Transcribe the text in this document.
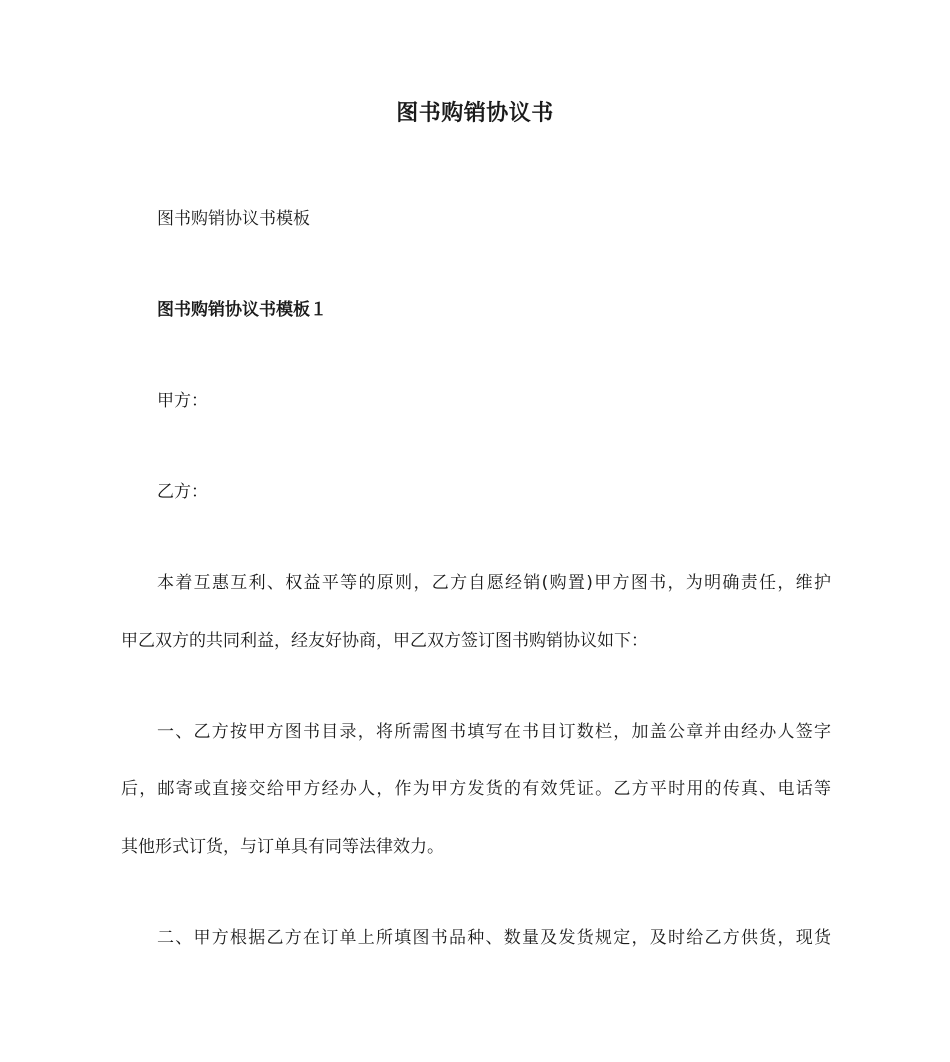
图书购销协议书
图书购销协议书模板
图书购销协议书模板１
甲方：
乙方：
本着互惠互利、权益平等的原则，乙方自愿经销(购置)甲方图书，为明确责任，维护
甲乙双方的共同利益，经友好协商，甲乙双方签订图书购销协议如下：
一、乙方按甲方图书目录，将所需图书填写在书目订数栏，加盖公章并由经办人签字
后，邮寄或直接交给甲方经办人，作为甲方发货的有效凭证。乙方平时用的传真、电话等
其他形式订货，与订单具有同等法律效力。
二、甲方根据乙方在订单上所填图书品种、数量及发货规定，及时给乙方供货，现货
